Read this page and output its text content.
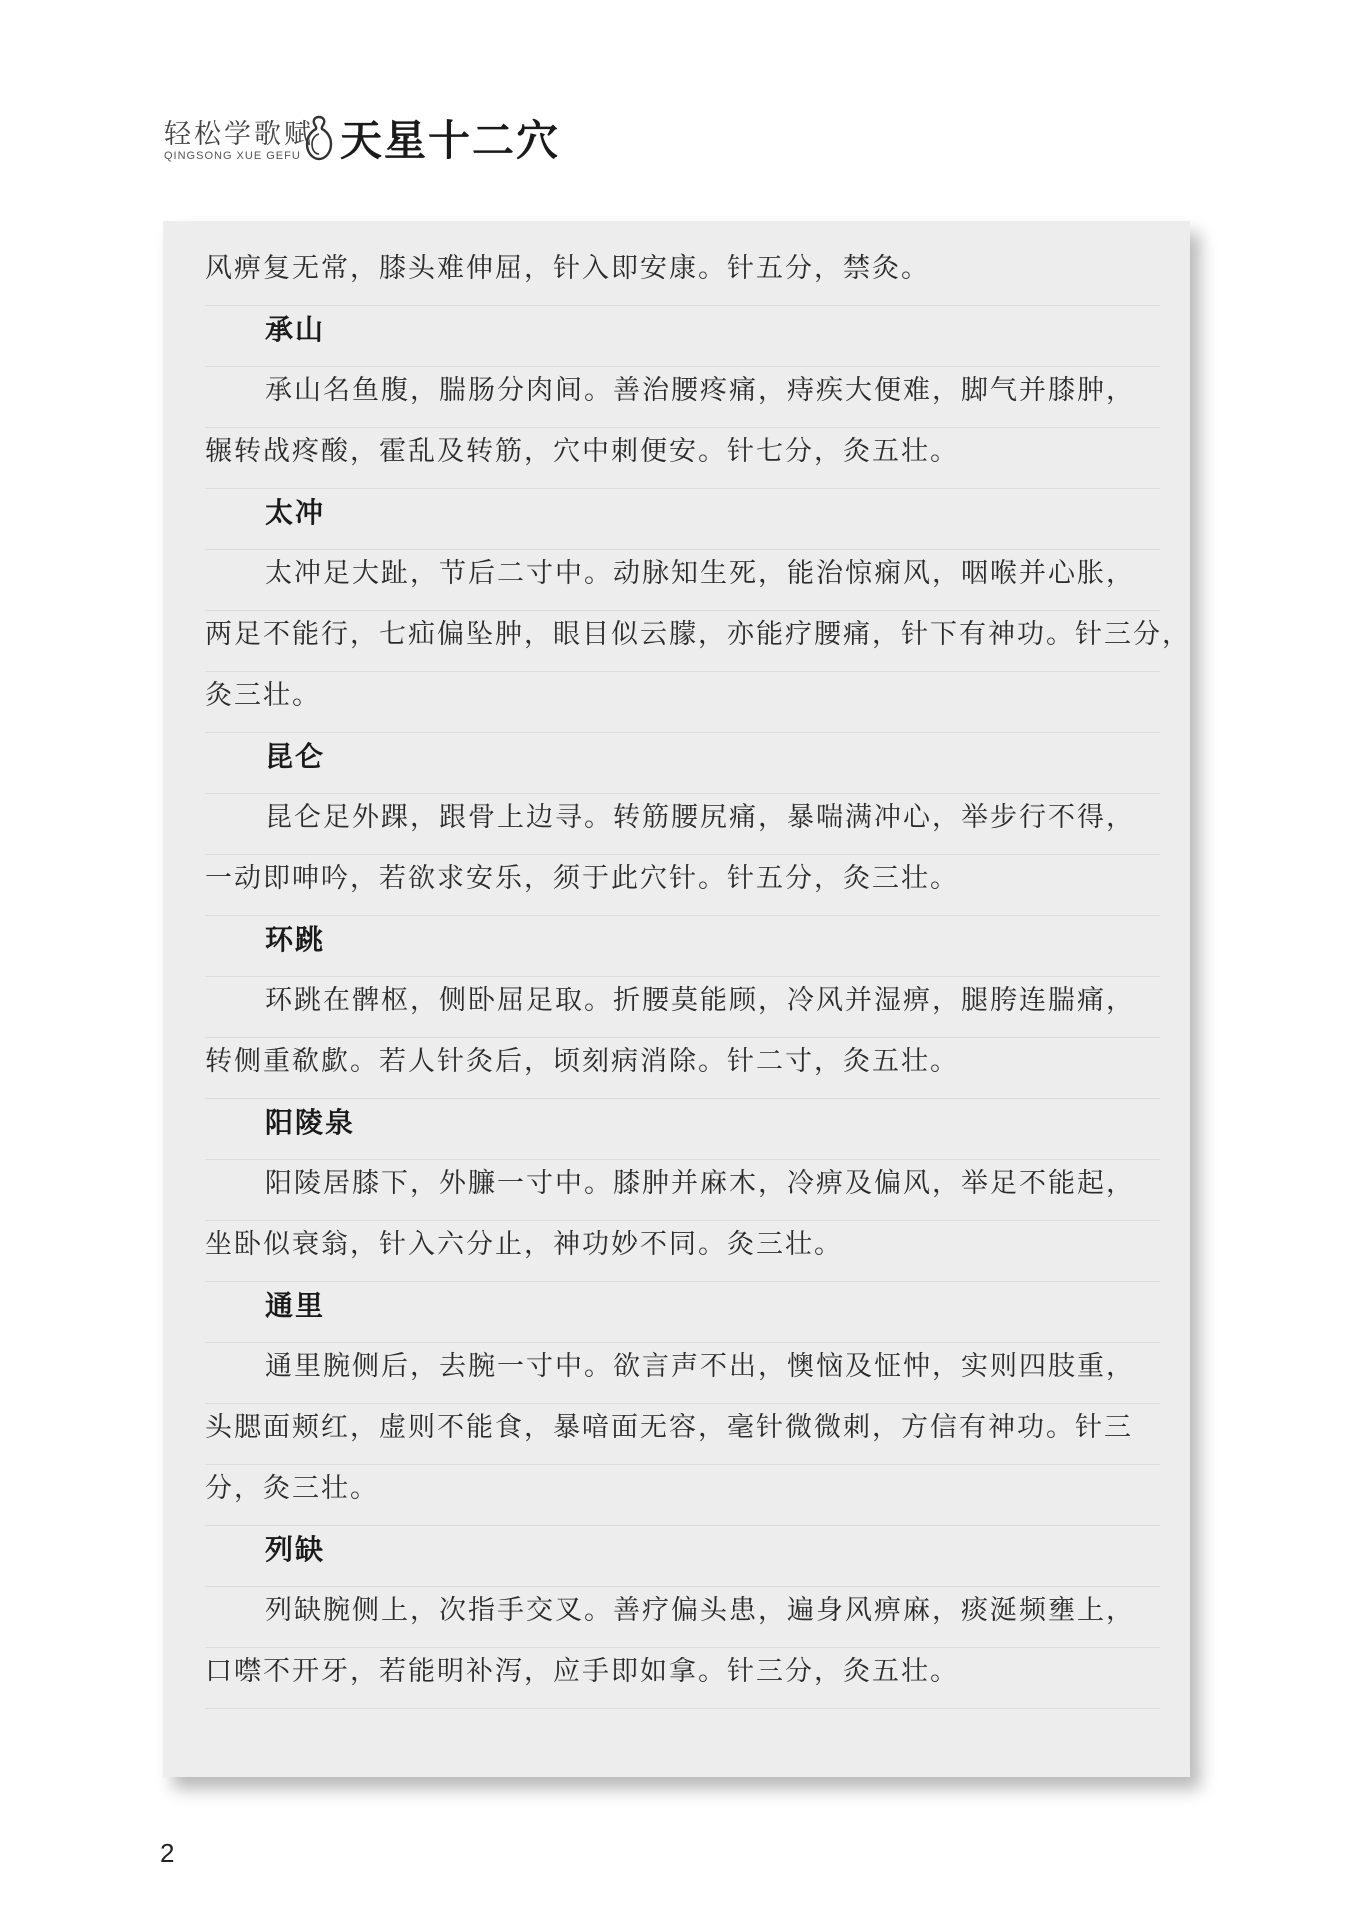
轻松学歌赋
QINGSONG XUE GEFU 天星十二穴
风痹复无常，膝头难伸屈，针入即安康。针五分，禁灸。
承山
承山名鱼腹，腨肠分肉间。善治腰疼痛，痔疾大便难，脚气并膝肿，
辗转战疼酸，霍乱及转筋，穴中刺便安。针七分，灸五壮。
太冲
太冲足大趾，节后二寸中。动脉知生死，能治惊痫风，咽喉并心胀，
两足不能行，七疝偏坠肿，眼目似云朦，亦能疗腰痛，针下有神功。针三分，
灸三壮。
昆仑
昆仑足外踝，跟骨上边寻。转筋腰尻痛，暴喘满冲心，举步行不得，
一动即呻吟，若欲求安乐，须于此穴针。针五分，灸三壮。
环跳
环跳在髀枢，侧卧屈足取。折腰莫能顾，冷风并湿痹，腿胯连腨痛，
转侧重欷歔。若人针灸后，顷刻病消除。针二寸，灸五壮。
阳陵泉
阳陵居膝下，外臁一寸中。膝肿并麻木，冷痹及偏风，举足不能起，
坐卧似衰翁，针入六分止，神功妙不同。灸三壮。
通里
通里腕侧后，去腕一寸中。欲言声不出，懊恼及怔忡，实则四肢重，
头腮面颊红，虚则不能食，暴喑面无容，毫针微微刺，方信有神功。针三
分，灸三壮。
列缺
列缺腕侧上，次指手交叉。善疗偏头患，遍身风痹麻，痰涎频壅上，
口噤不开牙，若能明补泻，应手即如拿。针三分，灸五壮。
2
